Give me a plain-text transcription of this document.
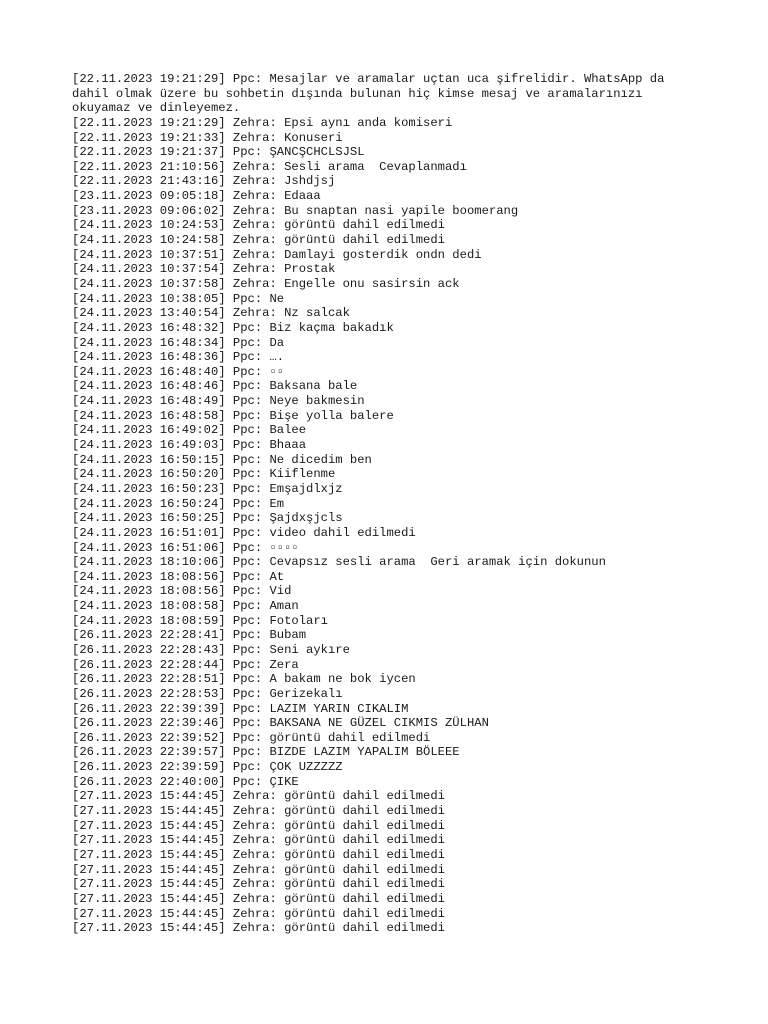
[22.11.2023 19:21:29] Ppc: Mesajlar ve aramalar uçtan uca şifrelidir. WhatsApp da
dahil olmak üzere bu sohbetin dışında bulunan hiç kimse mesaj ve aramalarınızı
okuyamaz ve dinleyemez.
[22.11.2023 19:21:29] Zehra: Epsi aynı anda komiseri
[22.11.2023 19:21:33] Zehra: Konuseri
[22.11.2023 19:21:37] Ppc: ŞANCŞCHCLSJSL
[22.11.2023 21:10:56] Zehra: Sesli arama  Cevaplanmadı
[22.11.2023 21:43:16] Zehra: Jshdjsj
[23.11.2023 09:05:18] Zehra: Edaaa
[23.11.2023 09:06:02] Zehra: Bu snaptan nasi yapile boomerang
[24.11.2023 10:24:53] Zehra: görüntü dahil edilmedi
[24.11.2023 10:24:58] Zehra: görüntü dahil edilmedi
[24.11.2023 10:37:51] Zehra: Damlayi gosterdik ondn dedi
[24.11.2023 10:37:54] Zehra: Prostak
[24.11.2023 10:37:58] Zehra: Engelle onu sasirsin ack
[24.11.2023 10:38:05] Ppc: Ne
[24.11.2023 13:40:54] Zehra: Nz salcak
[24.11.2023 16:48:32] Ppc: Biz kaçma bakadık
[24.11.2023 16:48:34] Ppc: Da
[24.11.2023 16:48:36] Ppc: ….
[24.11.2023 16:48:40] Ppc: ▫▫
[24.11.2023 16:48:46] Ppc: Baksana bale
[24.11.2023 16:48:49] Ppc: Neye bakmesin
[24.11.2023 16:48:58] Ppc: Bişe yolla balere
[24.11.2023 16:49:02] Ppc: Balee
[24.11.2023 16:49:03] Ppc: Bhaaa
[24.11.2023 16:50:15] Ppc: Ne dicedim ben
[24.11.2023 16:50:20] Ppc: Kiiflenme
[24.11.2023 16:50:23] Ppc: Emşajdlxjz
[24.11.2023 16:50:24] Ppc: Em
[24.11.2023 16:50:25] Ppc: Şajdxşjcls
[24.11.2023 16:51:01] Ppc: video dahil edilmedi
[24.11.2023 16:51:06] Ppc: ▫▫▫▫
[24.11.2023 18:10:06] Ppc: Cevapsız sesli arama  Geri aramak için dokunun
[24.11.2023 18:08:56] Ppc: At
[24.11.2023 18:08:56] Ppc: Vid
[24.11.2023 18:08:58] Ppc: Aman
[24.11.2023 18:08:59] Ppc: Fotoları
[26.11.2023 22:28:41] Ppc: Bubam
[26.11.2023 22:28:43] Ppc: Seni aykıre
[26.11.2023 22:28:44] Ppc: Zera
[26.11.2023 22:28:51] Ppc: A bakam ne bok iycen
[26.11.2023 22:28:53] Ppc: Gerizekalı
[26.11.2023 22:39:39] Ppc: LAZIM YARIN CIKALIM
[26.11.2023 22:39:46] Ppc: BAKSANA NE GÜZEL CIKMIS ZÜLHAN
[26.11.2023 22:39:52] Ppc: görüntü dahil edilmedi
[26.11.2023 22:39:57] Ppc: BIZDE LAZIM YAPALIM BÖLEEE
[26.11.2023 22:39:59] Ppc: ÇOK UZZZZZ
[26.11.2023 22:40:00] Ppc: ÇIKE
[27.11.2023 15:44:45] Zehra: görüntü dahil edilmedi
[27.11.2023 15:44:45] Zehra: görüntü dahil edilmedi
[27.11.2023 15:44:45] Zehra: görüntü dahil edilmedi
[27.11.2023 15:44:45] Zehra: görüntü dahil edilmedi
[27.11.2023 15:44:45] Zehra: görüntü dahil edilmedi
[27.11.2023 15:44:45] Zehra: görüntü dahil edilmedi
[27.11.2023 15:44:45] Zehra: görüntü dahil edilmedi
[27.11.2023 15:44:45] Zehra: görüntü dahil edilmedi
[27.11.2023 15:44:45] Zehra: görüntü dahil edilmedi
[27.11.2023 15:44:45] Zehra: görüntü dahil edilmedi
